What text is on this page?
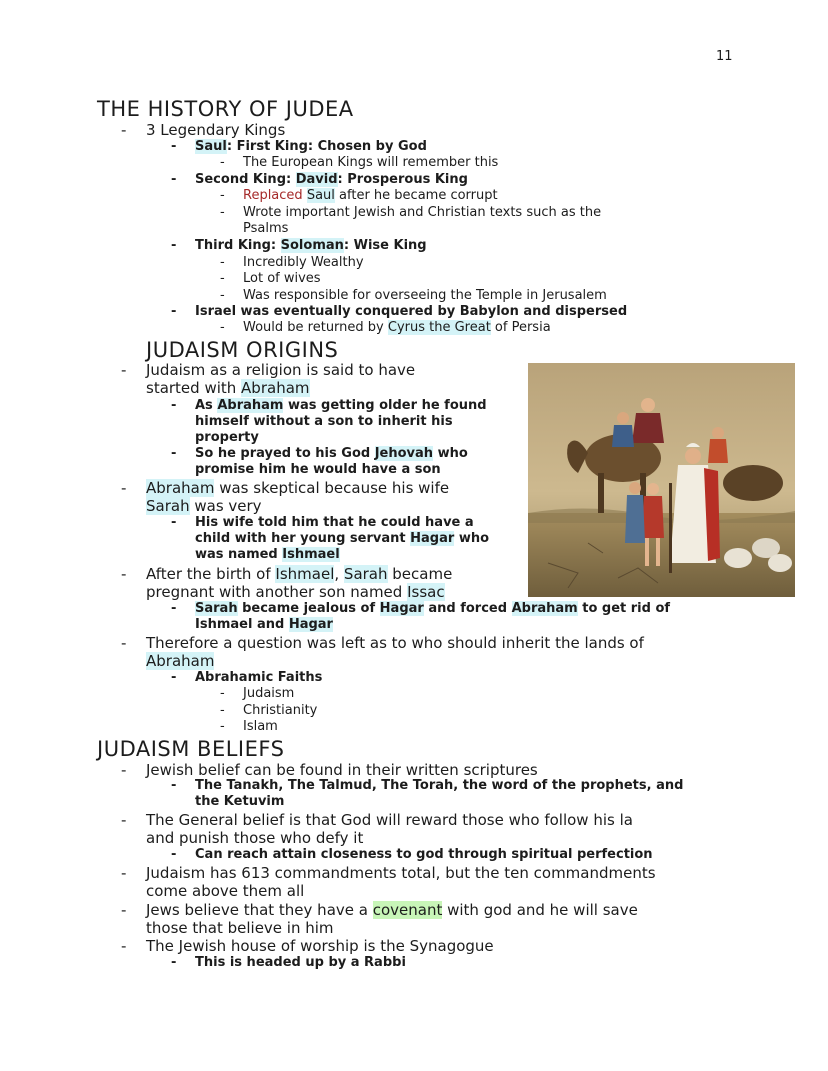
11
THE HISTORY OF JUDEA
- 3 Legendary Kings
- Saul: First King: Chosen by God
- The European Kings will remember this
- Second King: David: Prosperous King
- Replaced Saul after he became corrupt
- Wrote important Jewish and Christian texts such as the
Psalms
- Third King: Soloman: Wise King
- Incredibly Wealthy
- Lot of wives
- Was responsible for overseeing the Temple in Jerusalem
- Israel was eventually conquered by Babylon and dispersed
- Would be returned by Cyrus the Great of Persia
JUDAISM ORIGINS
- Judaism as a religion is said to have
started with Abraham
- As Abraham was getting older he found
himself without a son to inherit his
property
- So he prayed to his God Jehovah who
promise him he would have a son
- Abraham was skeptical because his wife
Sarah was very
- His wife told him that he could have a
child with her young servant Hagar who
was named Ishmael
- After the birth of Ishmael, Sarah became
pregnant with another son named Issac
- Sarah became jealous of Hagar and forced Abraham to get rid of
Ishmael and Hagar
- Therefore a question was left as to who should inherit the lands of
Abraham
- Abrahamic Faiths
- Judaism
- Christianity
- Islam
JUDAISM BELIEFS
- Jewish belief can be found in their written scriptures
- The Tanakh, The Talmud, The Torah, the word of the prophets, and
the Ketuvim
- The General belief is that God will reward those who follow his la
and punish those who defy it
- Can reach attain closeness to god through spiritual perfection
- Judaism has 613 commandments total, but the ten commandments
come above them all
- Jews believe that they have a covenant with god and he will save
those that believe in him
- The Jewish house of worship is the Synagogue
- This is headed up by a Rabbi
